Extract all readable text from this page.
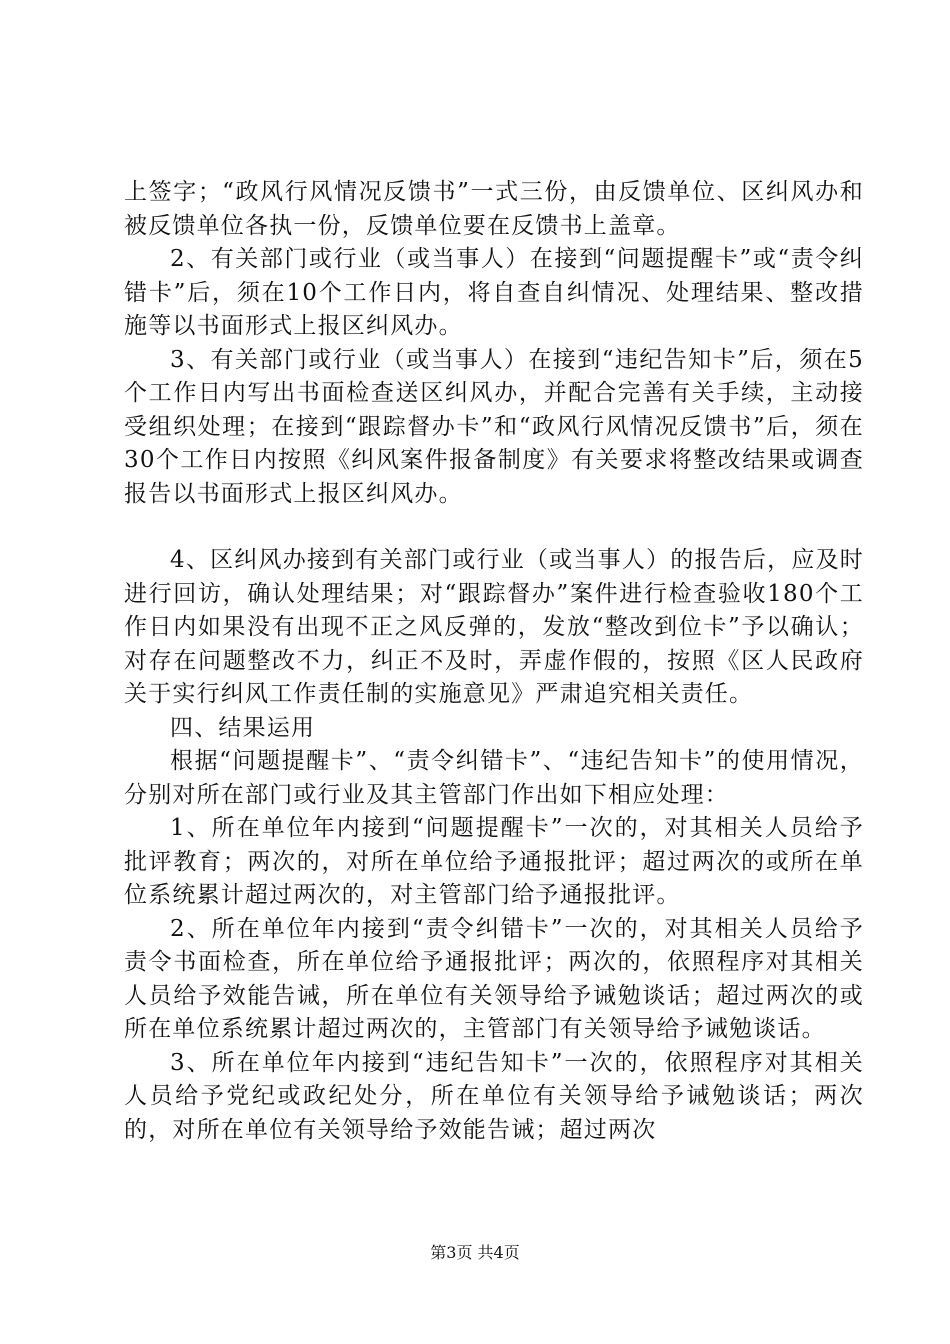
上签字；“政风行风情况反馈书”一式三份，由反馈单位、区纠风办和被反馈单位各执一份，反馈单位要在反馈书上盖章。

2、有关部门或行业（或当事人）在接到“问题提醒卡”或“责令纠错卡”后，须在10个工作日内，将自查自纠情况、处理结果、整改措施等以书面形式上报区纠风办。

3、有关部门或行业（或当事人）在接到“违纪告知卡”后，须在5个工作日内写出书面检查送区纠风办，并配合完善有关手续，主动接受组织处理；在接到“跟踪督办卡”和“政风行风情况反馈书”后，须在30个工作日内按照《纠风案件报备制度》有关要求将整改结果或调查报告以书面形式上报区纠风办。

4、区纠风办接到有关部门或行业（或当事人）的报告后，应及时进行回访，确认处理结果；对“跟踪督办”案件进行检查验收180个工作日内如果没有出现不正之风反弹的，发放“整改到位卡”予以确认；对存在问题整改不力，纠正不及时，弄虚作假的，按照《区人民政府关于实行纠风工作责任制的实施意见》严肃追究相关责任。

四、结果运用

根据“问题提醒卡”、“责令纠错卡”、“违纪告知卡”的使用情况，分别对所在部门或行业及其主管部门作出如下相应处理：

1、所在单位年内接到“问题提醒卡”一次的，对其相关人员给予批评教育；两次的，对所在单位给予通报批评；超过两次的或所在单位系统累计超过两次的，对主管部门给予通报批评。

2、所在单位年内接到“责令纠错卡”一次的，对其相关人员给予责令书面检查，所在单位给予通报批评；两次的，依照程序对其相关人员给予效能告诫，所在单位有关领导给予诫勉谈话；超过两次的或所在单位系统累计超过两次的，主管部门有关领导给予诫勉谈话。

3、所在单位年内接到“违纪告知卡”一次的，依照程序对其相关人员给予党纪或政纪处分，所在单位有关领导给予诫勉谈话；两次的，对所在单位有关领导给予效能告诫；超过两次

第3页 共4页
